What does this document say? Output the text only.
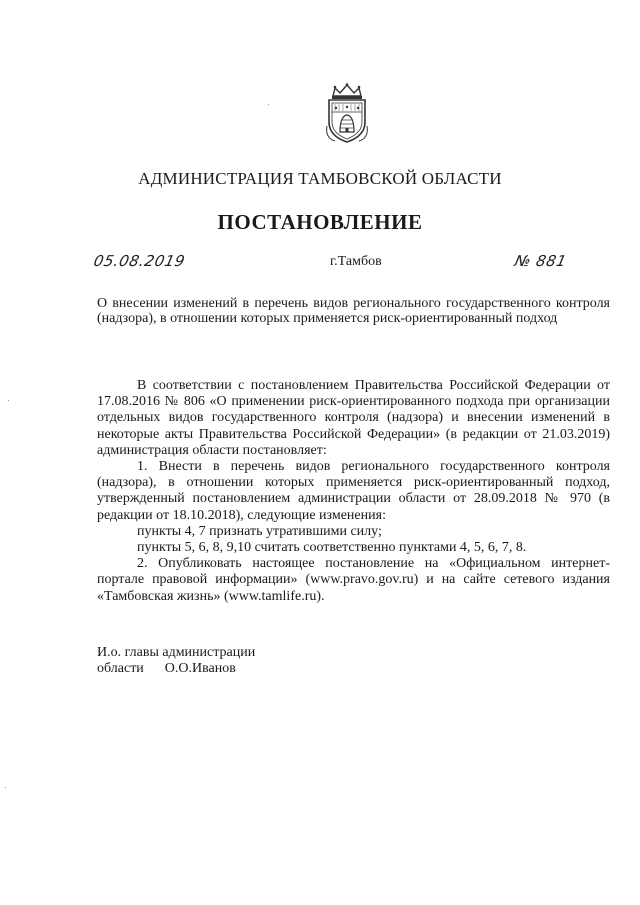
АДМИНИСТРАЦИЯ ТАМБОВСКОЙ ОБЛАСТИ
ПОСТАНОВЛЕНИЕ
05.08.2019	г.Тамбов	№ 881
О внесении изменений в перечень видов регионального государственного контроля (надзора), в отношении которых применяется риск-ориентированный подход

В соответствии с постановлением Правительства Российской Федерации от 17.08.2016 № 806 «О применении риск-ориентированного подхода при организации отдельных видов государственного контроля (надзора) и внесении изменений в некоторые акты Правительства Российской Федерации» (в редакции от 21.03.2019) администрация области постановляет:

1. Внести в перечень видов регионального государственного контроля (надзора), в отношении которых применяется риск-ориентированный подход, утвержденный постановлением администрации области от 28.09.2018 № 970 (в редакции от 18.10.2018), следующие изменения:

пункты 4, 7 признать утратившими силу;

пункты 5, 6, 8, 9,10 считать соответственно пунктами 4, 5, 6, 7, 8.

2. Опубликовать настоящее постановление на «Официальном интернет-портале правовой информации» (www.pravo.gov.ru) и на сайте сетевого издания «Тамбовская жизнь» (www.tamlife.ru).

И.о. главы администрации
области      О.О.Иванов
